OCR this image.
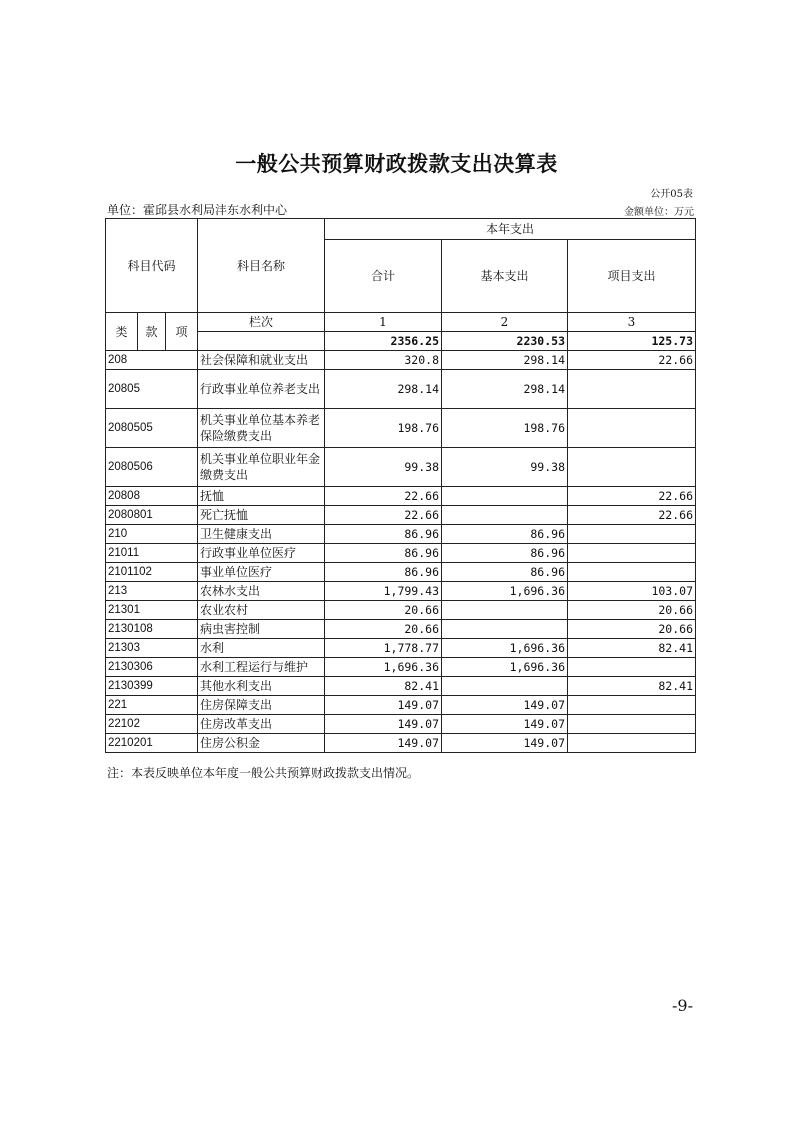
一般公共预算财政拨款支出决算表
公开05表
单位：霍邱县水利局沣东水利中心	金额单位：万元
科目代码			科目名称	本年支出		
				合计	基本支出	项目支出
类	款	项	栏次	1	2	3
				2356.25	2230.53	125.73
208			社会保障和就业支出	320.8	298.14	22.66
20805			行政事业单位养老支出	298.14	298.14	
2080505			机关事业单位基本养老保险缴费支出	198.76	198.76	
2080506			机关事业单位职业年金缴费支出	99.38	99.38	
20808			抚恤	22.66		22.66
2080801			死亡抚恤	22.66		22.66
210			卫生健康支出	86.96	86.96	
21011			行政事业单位医疗	86.96	86.96	
2101102			事业单位医疗	86.96	86.96	
213			农林水支出	1,799.43	1,696.36	103.07
21301			农业农村	20.66		20.66
2130108			病虫害控制	20.66		20.66
21303			水利	1,778.77	1,696.36	82.41
2130306			水利工程运行与维护	1,696.36	1,696.36	
2130399			其他水利支出	82.41		82.41
221			住房保障支出	149.07	149.07	
22102			住房改革支出	149.07	149.07	
2210201			住房公积金	149.07	149.07	
注：本表反映单位本年度一般公共预算财政拨款支出情况。
-9-
